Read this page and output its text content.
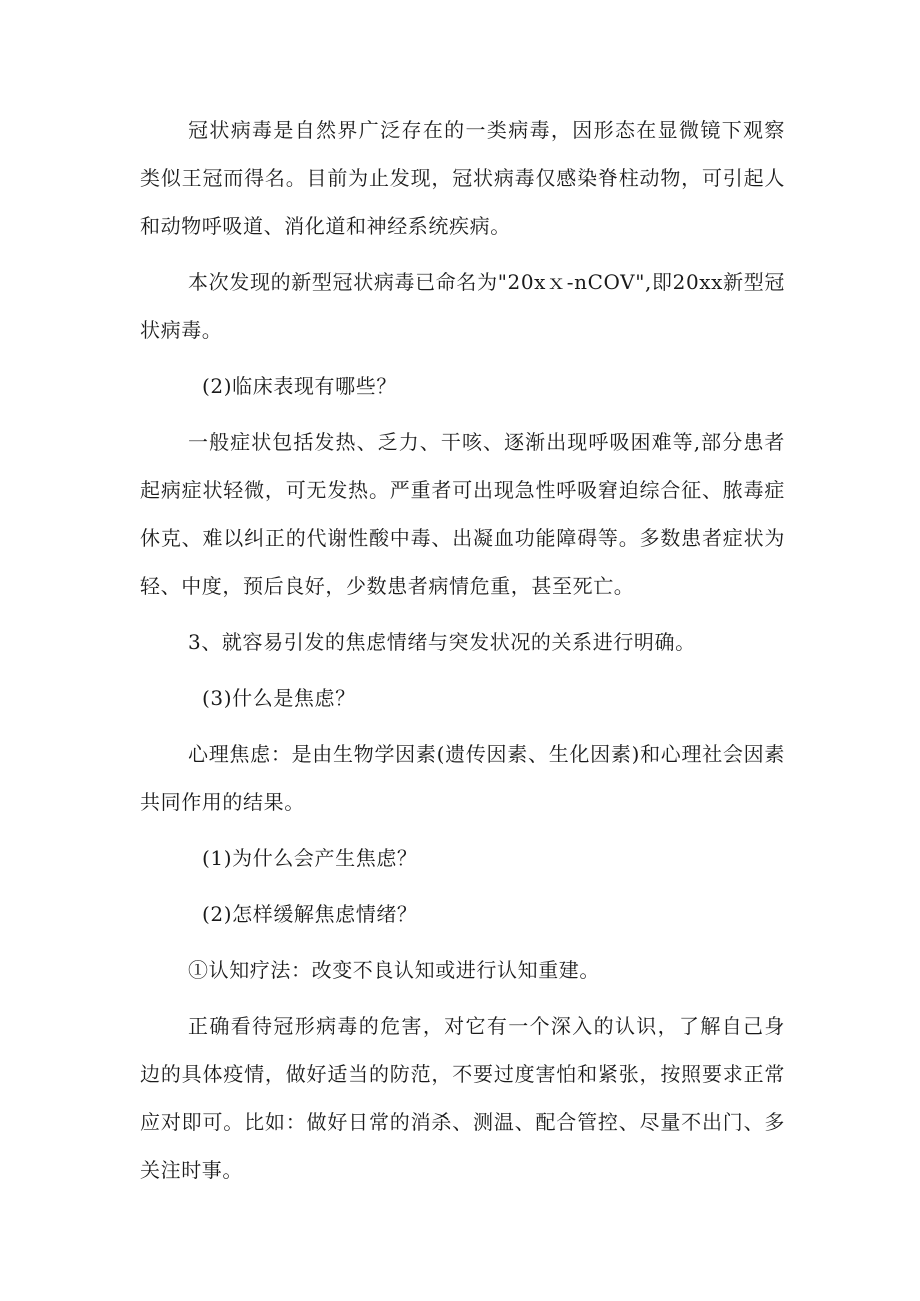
冠状病毒是自然界广泛存在的一类病毒，因形态在显微镜下观察类似王冠而得名。目前为止发现，冠状病毒仅感染脊柱动物，可引起人和动物呼吸道、消化道和神经系统疾病。

本次发现的新型冠状病毒已命名为"20xｘ-nCOV",即20xx新型冠状病毒。

(2)临床表现有哪些？

一般症状包括发热、乏力、干咳、逐渐出现呼吸困难等,部分患者起病症状轻微，可无发热。严重者可出现急性呼吸窘迫综合征、脓毒症休克、难以纠正的代谢性酸中毒、出凝血功能障碍等。多数患者症状为轻、中度，预后良好，少数患者病情危重，甚至死亡。

3、就容易引发的焦虑情绪与突发状况的关系进行明确。

(3)什么是焦虑？

心理焦虑：是由生物学因素(遗传因素、生化因素)和心理社会因素共同作用的结果。

(1)为什么会产生焦虑？

(2)怎样缓解焦虑情绪？

①认知疗法：改变不良认知或进行认知重建。

正确看待冠形病毒的危害，对它有一个深入的认识，了解自己身边的具体疫情，做好适当的防范，不要过度害怕和紧张，按照要求正常应对即可。比如：做好日常的消杀、测温、配合管控、尽量不出门、多关注时事。
